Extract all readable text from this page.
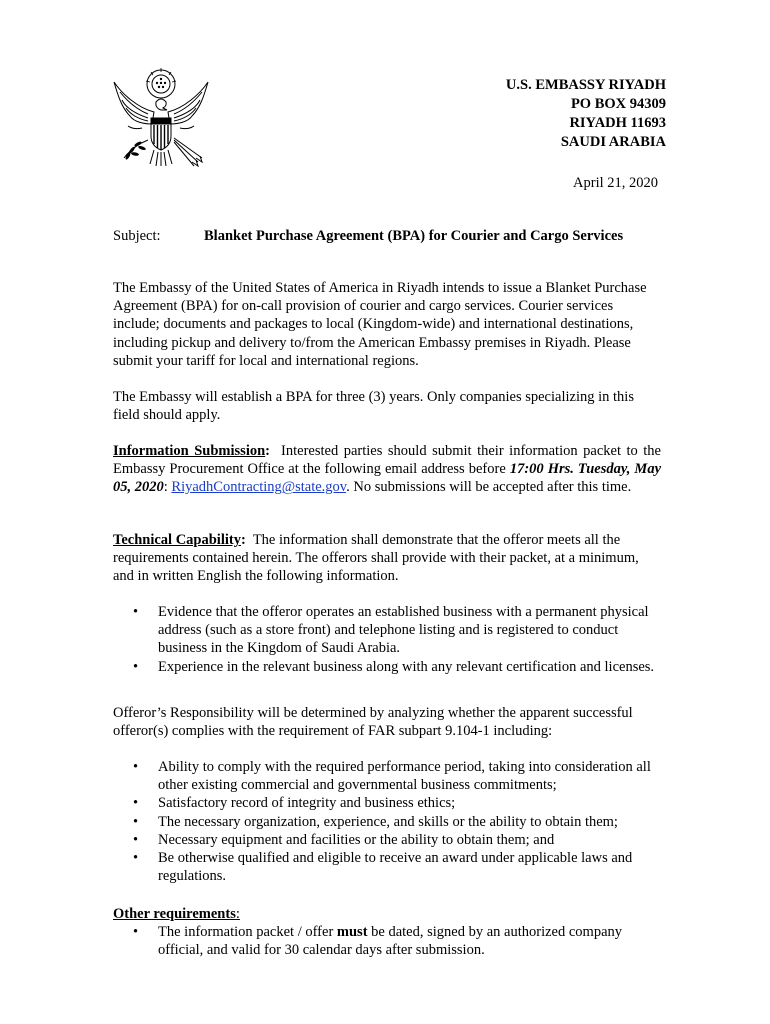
U.S. EMBASSY RIYADH
PO BOX 94309
RIYADH 11693
SAUDI ARABIA
April 21, 2020
Subject:	Blanket Purchase Agreement (BPA) for Courier and Cargo Services
The Embassy of the United States of America in Riyadh intends to issue a Blanket Purchase Agreement (BPA) for on-call provision of courier and cargo services. Courier services include; documents and packages to local (Kingdom-wide) and international destinations, including pickup and delivery to/from the American Embassy premises in Riyadh. Please submit your tariff for local and international regions.
The Embassy will establish a BPA for three (3) years. Only companies specializing in this field should apply.
Information Submission: Interested parties should submit their information packet to the Embassy Procurement Office at the following email address before 17:00 Hrs. Tuesday, May 05, 2020: RiyadhContracting@state.gov. No submissions will be accepted after this time.
Technical Capability: The information shall demonstrate that the offeror meets all the requirements contained herein. The offerors shall provide with their packet, at a minimum, and in written English the following information.
• Evidence that the offeror operates an established business with a permanent physical address (such as a store front) and telephone listing and is registered to conduct business in the Kingdom of Saudi Arabia.
• Experience in the relevant business along with any relevant certification and licenses.
Offeror’s Responsibility will be determined by analyzing whether the apparent successful offeror(s) complies with the requirement of FAR subpart 9.104-1 including:
• Ability to comply with the required performance period, taking into consideration all other existing commercial and governmental business commitments;
• Satisfactory record of integrity and business ethics;
• The necessary organization, experience, and skills or the ability to obtain them;
• Necessary equipment and facilities or the ability to obtain them; and
• Be otherwise qualified and eligible to receive an award under applicable laws and regulations.
Other requirements:
• The information packet / offer must be dated, signed by an authorized company official, and valid for 30 calendar days after submission.
